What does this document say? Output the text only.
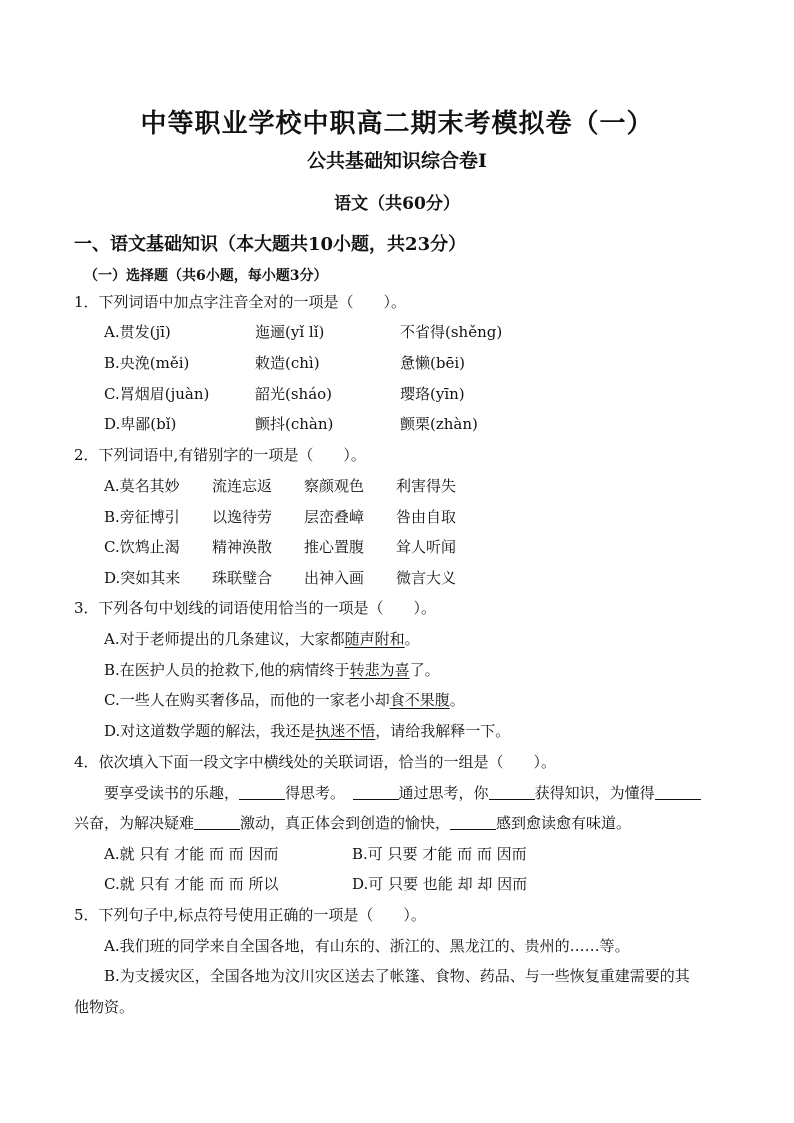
中等职业学校中职高二期末考模拟卷（一）
公共基础知识综合卷Ⅰ
语文（共60分）
一、语文基础知识（本大题共10小题，共23分）
（一）选择题（共6小题，每小题3分）
1．下列词语中加点字注音全对的一项是（　　）。
A.贯发(jī)	迤逦(yǐ lǐ)	不省得(shěng)
B.央浼(měi)	敕造(chì)	惫懒(bēi)
C.罥烟眉(juàn)	韶光(sháo)	璎珞(yīn)
D.卑鄙(bǐ)	颤抖(chàn)	颤栗(zhàn)
2．下列词语中,有错别字的一项是（　　）。
A.莫名其妙 流连忘返 察颜观色 利害得失
B.旁征博引 以逸待劳 层峦叠嶂 咎由自取
C.饮鸩止渴 精神涣散 推心置腹 耸人听闻
D.突如其来 珠联璧合 出神入画 微言大义
3．下列各句中划线的词语使用恰当的一项是（　　）。
A.对于老师提出的几条建议，大家都随声附和。
B.在医护人员的抢救下,他的病情终于转悲为喜了。
C.一些人在购买奢侈品，而他的一家老小却食不果腹。
D.对这道数学题的解法，我还是执迷不悟，请给我解释一下。
4．依次填入下面一段文字中横线处的关联词语，恰当的一组是（　　）。
要享受读书的乐趣，	得思考。　	通过思考，你	获得知识，为懂得
兴奋，为解决疑难	激动，真正体会到创造的愉快，	感到愈读愈有味道。
A.就 只有 才能 而 而 因而	B.可 只要 才能 而 而 因而
C.就 只有 才能 而 而 所以	D.可 只要 也能 却 却 因而
5．下列句子中,标点符号使用正确的一项是（　　）。
A.我们班的同学来自全国各地，有山东的、浙江的、黑龙江的、贵州的……等。
B.为支援灾区，全国各地为汶川灾区送去了帐篷、食物、药品、与一些恢复重建需要的其
他物资。
